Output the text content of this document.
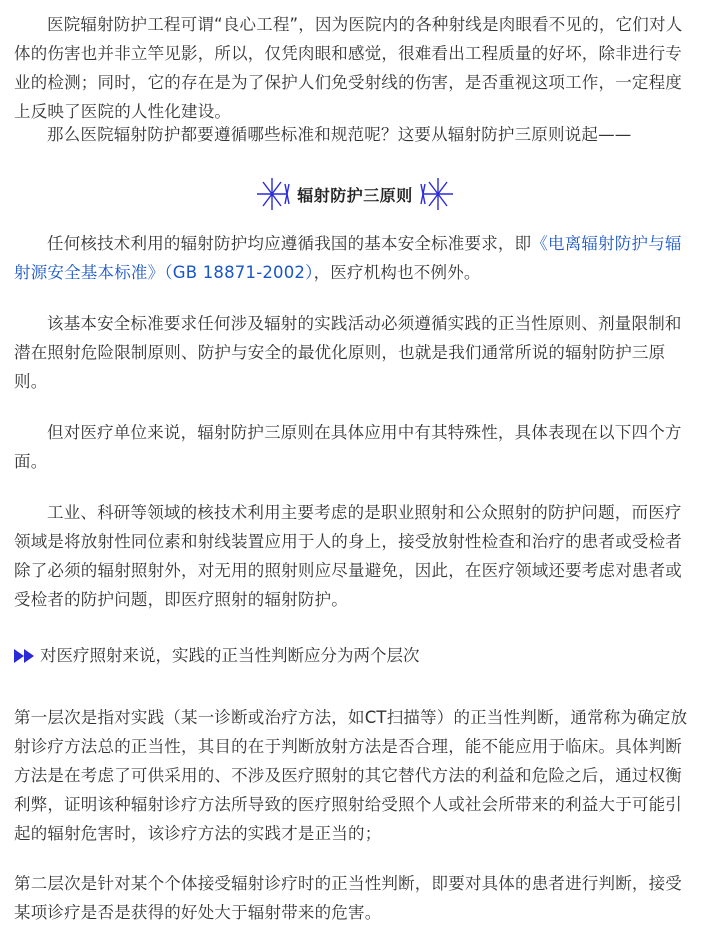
医院辐射防护工程可谓“良心工程”，因为医院内的各种射线是肉眼看不见的，它们对人体的伤害也并非立竿见影，所以，仅凭肉眼和感觉，很难看出工程质量的好坏，除非进行专业的检测；同时，它的存在是为了保护人们免受射线的伤害，是否重视这项工作，一定程度上反映了医院的人性化建设。

那么医院辐射防护都要遵循哪些标准和规范呢？这要从辐射防护三原则说起——

辐射防护三原则

任何核技术利用的辐射防护均应遵循我国的基本安全标准要求，即《电离辐射防护与辐射源安全基本标准》（GB 18871-2002），医疗机构也不例外。

该基本安全标准要求任何涉及辐射的实践活动必须遵循实践的正当性原则、剂量限制和潜在照射危险限制原则、防护与安全的最优化原则，也就是我们通常所说的辐射防护三原则。

但对医疗单位来说，辐射防护三原则在具体应用中有其特殊性，具体表现在以下四个方面。

工业、科研等领域的核技术利用主要考虑的是职业照射和公众照射的防护问题，而医疗领域是将放射性同位素和射线装置应用于人的身上，接受放射性检查和治疗的患者或受检者除了必须的辐射照射外，对无用的照射则应尽量避免，因此，在医疗领域还要考虑对患者或受检者的防护问题，即医疗照射的辐射防护。

对医疗照射来说，实践的正当性判断应分为两个层次

第一层次是指对实践（某一诊断或治疗方法，如CT扫描等）的正当性判断，通常称为确定放射诊疗方法总的正当性，其目的在于判断放射方法是否合理，能不能应用于临床。具体判断方法是在考虑了可供采用的、不涉及医疗照射的其它替代方法的利益和危险之后，通过权衡利弊，证明该种辐射诊疗方法所导致的医疗照射给受照个人或社会所带来的利益大于可能引起的辐射危害时，该诊疗方法的实践才是正当的；

第二层次是针对某个个体接受辐射诊疗时的正当性判断，即要对具体的患者进行判断，接受某项诊疗是否是获得的好处大于辐射带来的危害。
